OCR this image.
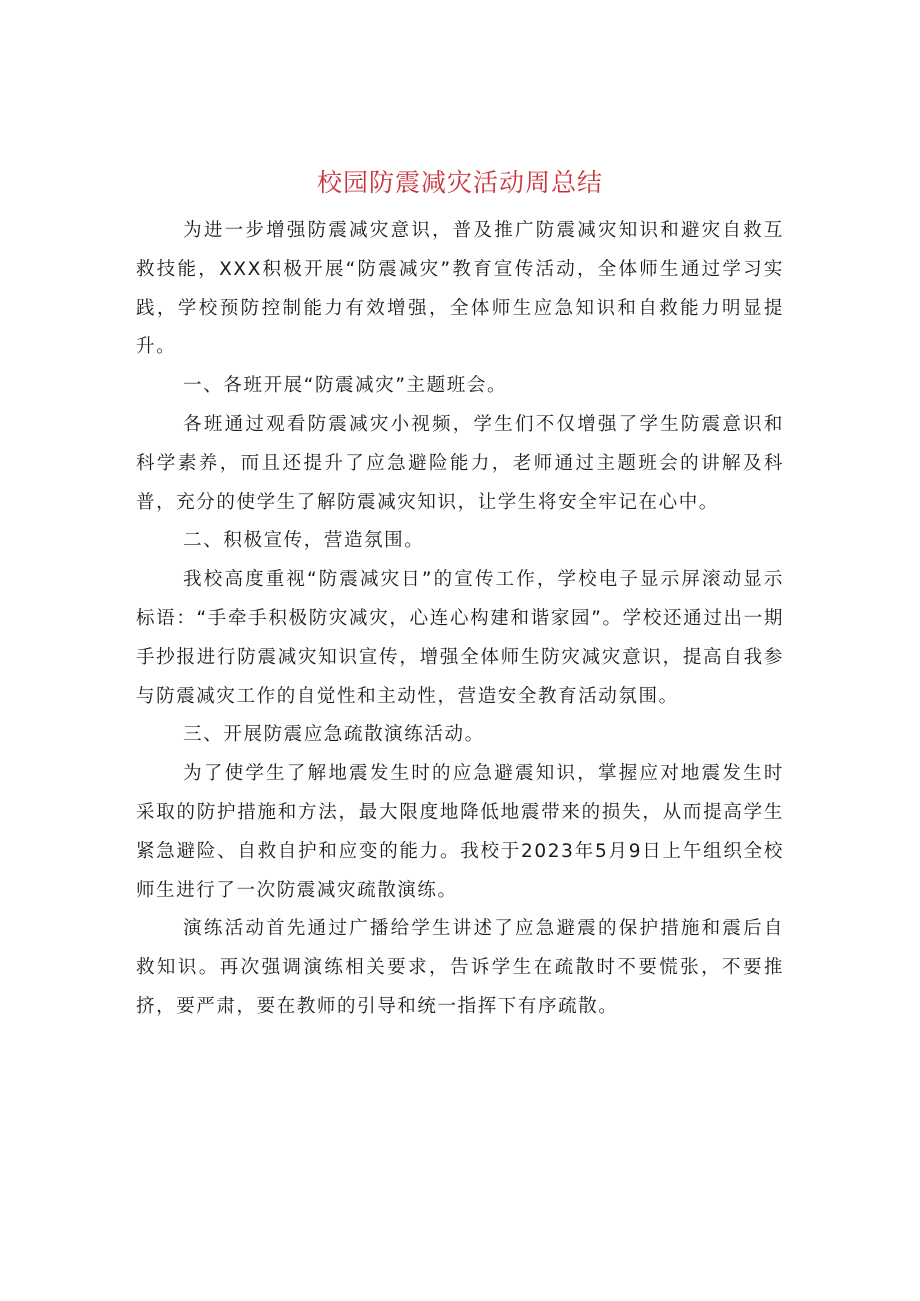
校园防震减灾活动周总结

为进一步增强防震减灾意识，普及推广防震减灾知识和避灾自救互救技能，XXX积极开展“防震减灾”教育宣传活动，全体师生通过学习实践，学校预防控制能力有效增强，全体师生应急知识和自救能力明显提升。

一、各班开展“防震减灾”主题班会。

各班通过观看防震减灾小视频，学生们不仅增强了学生防震意识和科学素养，而且还提升了应急避险能力，老师通过主题班会的讲解及科普，充分的使学生了解防震减灾知识，让学生将安全牢记在心中。

二、积极宣传，营造氛围。

我校高度重视“防震减灾日”的宣传工作，学校电子显示屏滚动显示标语：“手牵手积极防灾减灾，心连心构建和谐家园”。学校还通过出一期手抄报进行防震减灾知识宣传，增强全体师生防灾减灾意识，提高自我参与防震减灾工作的自觉性和主动性，营造安全教育活动氛围。

三、开展防震应急疏散演练活动。

为了使学生了解地震发生时的应急避震知识，掌握应对地震发生时采取的防护措施和方法，最大限度地降低地震带来的损失，从而提高学生紧急避险、自救自护和应变的能力。我校于2023年5月9日上午组织全校师生进行了一次防震减灾疏散演练。

演练活动首先通过广播给学生讲述了应急避震的保护措施和震后自救知识。再次强调演练相关要求，告诉学生在疏散时不要慌张，不要推挤，要严肃，要在教师的引导和统一指挥下有序疏散。
